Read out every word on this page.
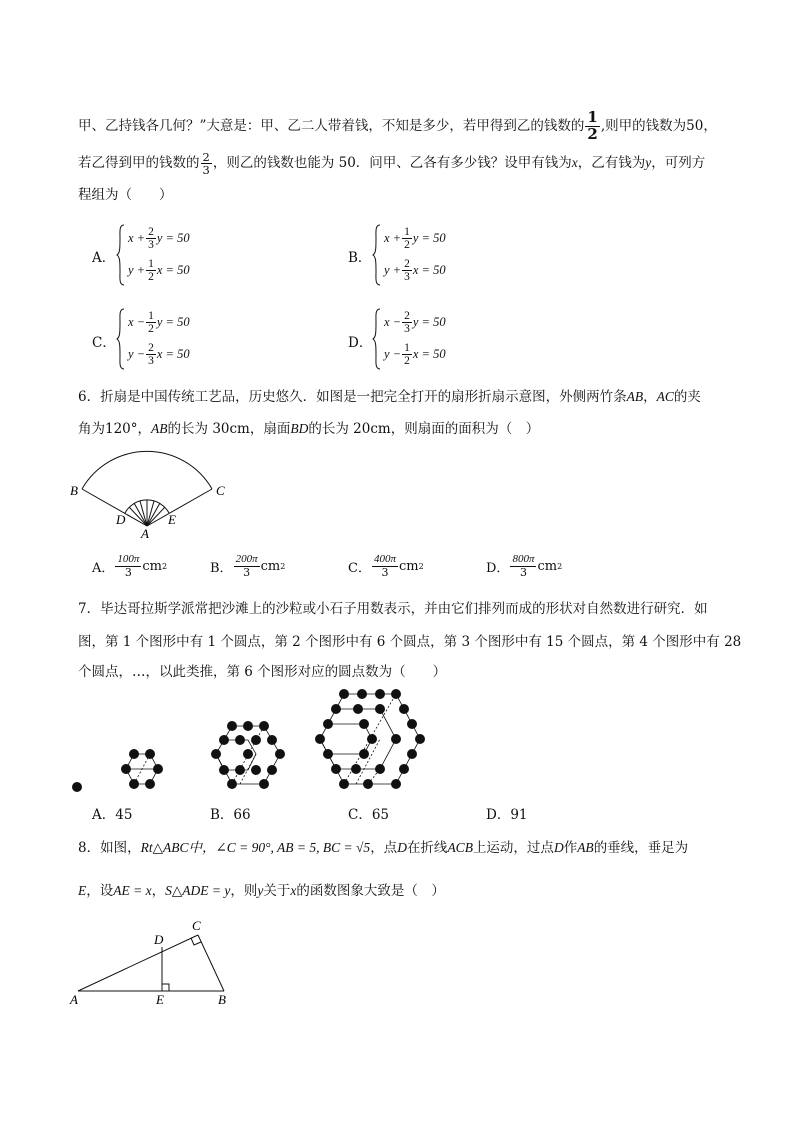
甲、乙持钱各几何？”大意是：甲、乙二人带着钱，不知是多少，若甲得到乙的钱数的 $\frac{1}{2}$ ,则甲的钱数为50，
若乙得到甲的钱数的 $\frac{2}{3}$ ，则乙的钱数也能为 50．问甲、乙各有多少钱？设甲有钱为x，乙有钱为y，可列方
程组为（　　）
A．
$x + \frac{2}{3}$ y = 50
$y + \frac{1}{2}$ x = 50
B．
$x + \frac{1}{2}$ y = 50
$y + \frac{2}{3}$ x = 50
C．
$x - \frac{1}{2}$ y = 50
$y - \frac{2}{3}$ x = 50
D．
$x - \frac{2}{3}$ y = 50
$y - \frac{1}{2}$ x = 50
6．折扇是中国传统工艺品，历史悠久．如图是一把完全打开的扇形折扇示意图，外侧两竹条AB，AC的夹
角为120°，AB的长为 30cm，扇面BD的长为 20cm，则扇面的面积为（　）
B	C
D	E
A
A． $\frac{100\pi}{3}$ cm 2	B． $\frac{200\pi}{3}$ cm 2	C． $\frac{400\pi}{3}$ cm 2	D． $\frac{800\pi}{3}$ cm 2
7．毕达哥拉斯学派常把沙滩上的沙粒或小石子用数表示，并由它们排列而成的形状对自然数进行研究．如
图，第 1 个图形中有 1 个圆点，第 2 个图形中有 6 个圆点，第 3 个图形中有 15 个圆点，第 4 个图形中有 28
个圆点，…，以此类推，第 6 个图形对应的圆点数为（　　）
A．45	B．66	C．65	D．91
8．如图，Rt△ABC中，∠C = 90°, AB = 5, BC = √5，点D在折线ACB上运动，过点D作AB的垂线，垂足为
E，设AE = x，S△ADE = y，则y关于x的函数图象大致是（　）
A	B
C
D
E
